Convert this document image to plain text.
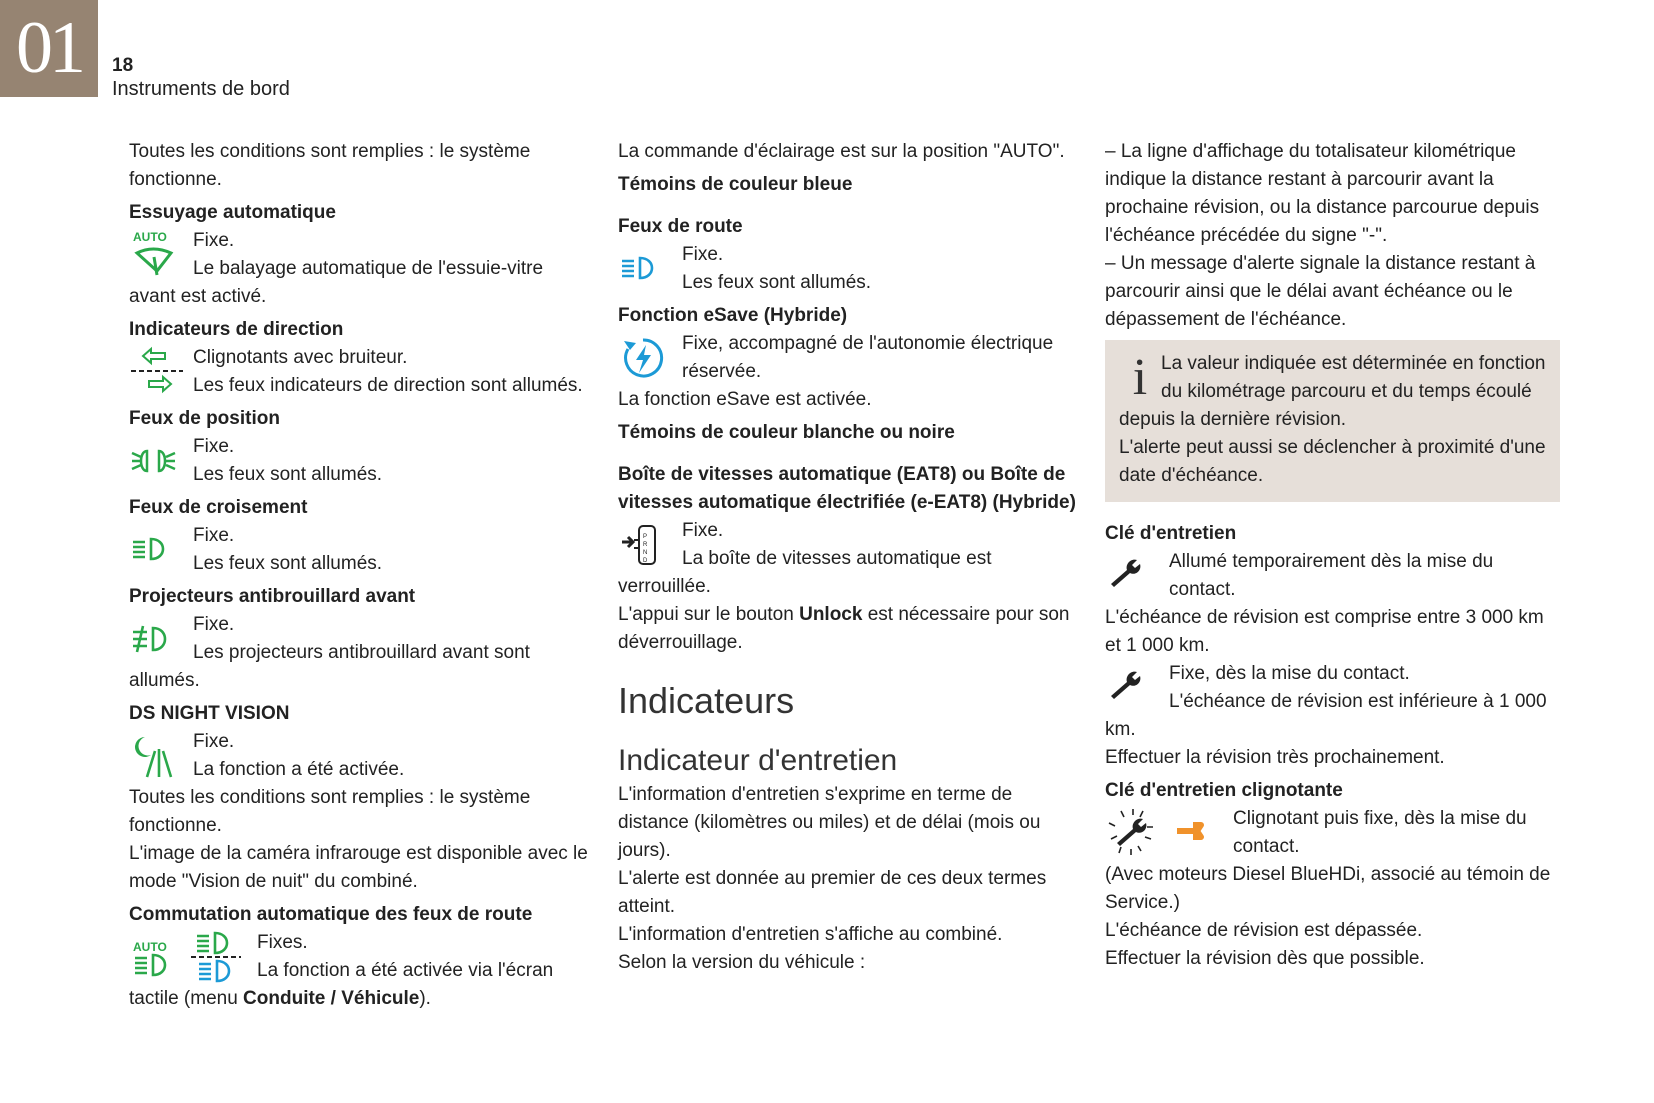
01	18
Instruments de bord
Toutes les conditions sont remplies : le système fonctionne.
Essuyage automatique
AUTO	Fixe.
Le balayage automatique de l'essuie-vitre avant est activé.
Indicateurs de direction
Clignotants avec bruiteur.
Les feux indicateurs de direction sont allumés.
Feux de position
Fixe.
Les feux sont allumés.
Feux de croisement
Fixe.
Les feux sont allumés.
Projecteurs antibrouillard avant
Fixe.
Les projecteurs antibrouillard avant sont allumés.
DS NIGHT VISION
Fixe.
La fonction a été activée.
Toutes les conditions sont remplies : le système fonctionne.
L'image de la caméra infrarouge est disponible avec le mode "Vision de nuit" du combiné.
Commutation automatique des feux de route
AUTO	Fixes.
La fonction a été activée via l'écran tactile (menu Conduite / Véhicule).
La commande d'éclairage est sur la position "AUTO".
Témoins de couleur bleue
Feux de route
Fixe.
Les feux sont allumés.
Fonction eSave (Hybride)
Fixe, accompagné de l'autonomie électrique réservée.
La fonction eSave est activée.
Témoins de couleur blanche ou noire
Boîte de vitesses automatique (EAT8) ou Boîte de vitesses automatique électrifiée (e-EAT8) (Hybride)
P
R
N
D
Fixe.
La boîte de vitesses automatique est verrouillée.
L'appui sur le bouton Unlock est nécessaire pour son déverrouillage.
Indicateurs
Indicateur d'entretien
L'information d'entretien s'exprime en terme de distance (kilomètres ou miles) et de délai (mois ou jours).
L'alerte est donnée au premier de ces deux termes atteint.
L'information d'entretien s'affiche au combiné.
Selon la version du véhicule :
– La ligne d'affichage du totalisateur kilométrique indique la distance restant à parcourir avant la prochaine révision, ou la distance parcourue depuis l'échéance précédée du signe "-".
– Un message d'alerte signale la distance restant à parcourir ainsi que le délai avant échéance ou le dépassement de l'échéance.
i La valeur indiquée est déterminée en fonction du kilométrage parcouru et du temps écoulé depuis la dernière révision.
L'alerte peut aussi se déclencher à proximité d'une date d'échéance.
Clé d'entretien
Allumé temporairement dès la mise du contact.
L'échéance de révision est comprise entre 3 000 km et 1 000 km.
Fixe, dès la mise du contact.
L'échéance de révision est inférieure à 1 000 km.
Effectuer la révision très prochainement.
Clé d'entretien clignotante
Clignotant puis fixe, dès la mise du contact.
(Avec moteurs Diesel BlueHDi, associé au témoin de Service.)
L'échéance de révision est dépassée.
Effectuer la révision dès que possible.
